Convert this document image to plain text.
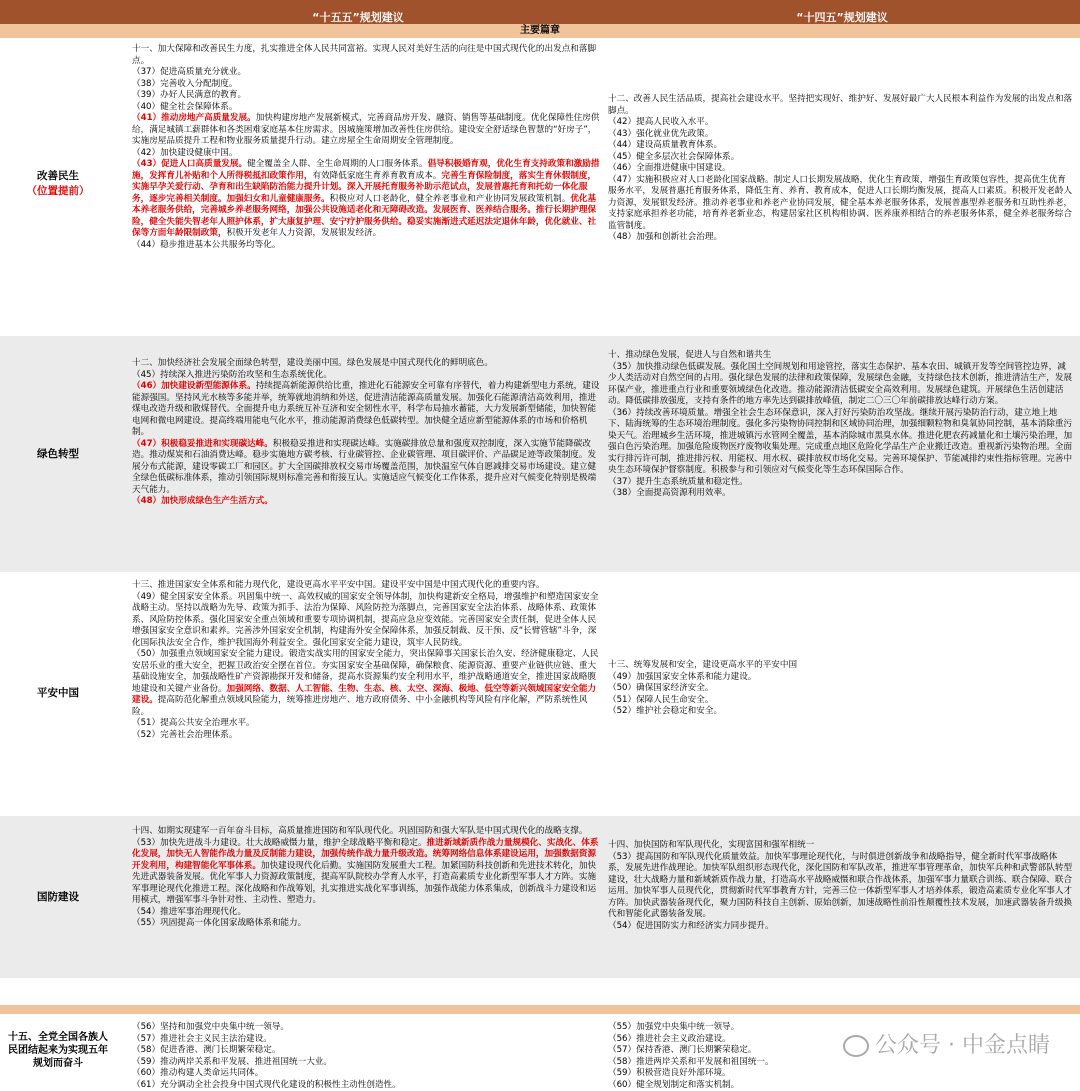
“十五五”规划建议	“十四五”规划建议
主要篇章
改善民生
（位置提前）

十一、加大保障和改善民生力度，扎实推进全体人民共同富裕。实现人民对美好生活的向往是中国式现代化的出发点和落脚点。

（37）促进高质量充分就业。

（38）完善收入分配制度。

（39）办好人民满意的教育。

（40）健全社会保障体系。

（41）推动房地产高质量发展。加快构建房地产发展新模式，完善商品房开发、融资、销售等基础制度。优化保障性住房供给，满足城镇工薪群体和各类困难家庭基本住房需求。因城施策增加改善性住房供给。建设安全舒适绿色智慧的“好房子”，实施房屋品质提升工程和物业服务质量提升行动。建立房屋全生命周期安全管理制度。

（42）加快建设健康中国。

（43）促进人口高质量发展。健全覆盖全人群、全生命周期的人口服务体系。倡导积极婚育观，优化生育支持政策和激励措施，发挥育儿补贴和个人所得税抵扣政策作用，有效降低家庭生育养育教育成本。完善生育保险制度，落实生育休假制度，实施早孕关爱行动、孕育和出生缺陷防治能力提升计划。深入开展托育服务补助示范试点，发展普惠托育和托幼一体化服务，逐步完善相关制度。加强妇女和儿童健康服务。积极应对人口老龄化，健全养老事业和产业协同发展政策机制。优化基本养老服务供给，完善城乡养老服务网络，加强公共设施适老化和无障碍改造。发展医育、医养结合服务。推行长期护理保险，健全失能失智老年人照护体系，扩大康复护理、安宁疗护服务供给。稳妥实施渐进式延迟法定退休年龄，优化就业、社保等方面年龄限制政策，积极开发老年人力资源，发展银发经济。

（44）稳步推进基本公共服务均等化。

十二、改善人民生活品质，提高社会建设水平。坚持把实现好、维护好、发展好最广大人民根本利益作为发展的出发点和落脚点。

（42）提高人民收入水平。

（43）强化就业优先政策。

（44）建设高质量教育体系。

（45）健全多层次社会保障体系。

（46）全面推进健康中国建设。

（47）实施积极应对人口老龄化国家战略。制定人口长期发展战略，优化生育政策，增强生育政策包容性，提高优生优育服务水平，发展普惠托育服务体系，降低生育、养育、教育成本，促进人口长期均衡发展，提高人口素质。积极开发老龄人力资源，发展银发经济。推动养老事业和养老产业协同发展，健全基本养老服务体系，发展普惠型养老服务和互助性养老，支持家庭承担养老功能，培育养老新业态，构建居家社区机构相协调、医养康养相结合的养老服务体系，健全养老服务综合监管制度。

（48）加强和创新社会治理。

绿色转型

十二、加快经济社会发展全面绿色转型，建设美丽中国。绿色发展是中国式现代化的鲜明底色。

（45）持续深入推进污染防治攻坚和生态系统优化。

（46）加快建设新型能源体系。持续提高新能源供给比重，推进化石能源安全可靠有序替代，着力构建新型电力系统，建设能源强国。坚持风光水核等多能并举，统筹就地消纳和外送，促进清洁能源高质量发展。加强化石能源清洁高效利用，推进煤电改造升级和散煤替代。全面提升电力系统互补互济和安全韧性水平，科学布局抽水蓄能，大力发展新型储能，加快智能电网和微电网建设。提高终端用能电气化水平，推动能源消费绿色低碳转型。加快健全适应新型能源体系的市场和价格机制。

（47）积极稳妥推进和实现碳达峰。积极稳妥推进和实现碳达峰。实施碳排放总量和强度双控制度，深入实施节能降碳改造。推动煤炭和石油消费达峰。稳步实施地方碳考核、行业碳管控、企业碳管理、项目碳评价、产品碳足迹等政策制度。发展分布式能源，建设零碳工厂和园区。扩大全国碳排放权交易市场覆盖范围，加快温室气体自愿减排交易市场建设。建立健全绿色低碳标准体系，推动引领国际规则标准完善和衔接互认。实施适应气候变化工作体系，提升应对气候变化特别是极端天气能力。

（48）加快形成绿色生产生活方式。

十、推动绿色发展，促进人与自然和谐共生

（35）加快推动绿色低碳发展。强化国土空间规划和用途管控，落实生态保护、基本农田、城镇开发等空间管控边界，减少人类活动对自然空间的占用。强化绿色发展的法律和政策保障，发展绿色金融，支持绿色技术创新，推进清洁生产，发展环保产业，推进重点行业和重要领域绿色化改造。推动能源清洁低碳安全高效利用。发展绿色建筑。开展绿色生活创建活动。降低碳排放强度，支持有条件的地方率先达到碳排放峰值，制定二〇三〇年前碳排放达峰行动方案。

（36）持续改善环境质量。增强全社会生态环保意识，深入打好污染防治攻坚战。继续开展污染防治行动，建立地上地下、陆海统筹的生态环境治理制度。强化多污染物协同控制和区域协同治理，加强细颗粒物和臭氧协同控制，基本消除重污染天气。治理城乡生活环境，推进城镇污水管网全覆盖，基本消除城市黑臭水体。推进化肥农药减量化和土壤污染治理，加强白色污染治理。加强危险废物医疗废物收集处理。完成重点地区危险化学品生产企业搬迁改造。重视新污染物治理。全面实行排污许可制，推进排污权、用能权、用水权、碳排放权市场化交易。完善环境保护、节能减排约束性指标管理。完善中央生态环境保护督察制度。积极参与和引领应对气候变化等生态环保国际合作。

（37）提升生态系统质量和稳定性。

（38）全面提高资源利用效率。

平安中国

十三、推进国家安全体系和能力现代化，建设更高水平平安中国。建设平安中国是中国式现代化的重要内容。

（49）健全国家安全体系。巩固集中统一、高效权威的国家安全领导体制，加快构建新安全格局，增强维护和塑造国家安全战略主动。坚持以战略为先导、政策为抓手、法治为保障、风险防控为落脚点，完善国家安全法治体系、战略体系、政策体系、风险防控体系。强化国家安全重点领域和重要专项协调机制，提高应急应变效能。完善国家安全责任制，促进全体人民增强国家安全意识和素养。完善涉外国家安全机制，构建海外安全保障体系，加强反制裁、反干预、反“长臂管辖”斗争，深化国际执法安全合作，维护我国海外利益安全。强化国家安全能力建设，筑牢人民防线。

（50）加强重点领域国家安全能力建设。锻造实战实用的国家安全能力，突出保障事关国家长治久安、经济健康稳定、人民安居乐业的重大安全，把握卫政治安全摆在首位。夯实国家安全基础保障，确保粮食、能源资源、重要产业链供应链、重大基础设施安全，加强战略性矿产资源勘探开发和储备，提高水资源集约安全利用水平，维护战略通道安全，推进国家战略腹地建设和关键产业备份。加强网络、数据、人工智能、生物、生态、核、太空、深海、极地、低空等新兴领域国家安全能力建设。提高防范化解重点领域风险能力，统筹推进房地产、地方政府债务、中小金融机构等风险有序化解，严防系统性风险。

（51）提高公共安全治理水平。

（52）完善社会治理体系。

十三、统筹发展和安全，建设更高水平的平安中国

（49）加强国家安全体系和能力建设。

（50）确保国家经济安全。

（51）保障人民生命安全。

（52）维护社会稳定和安全。

国防建设

十四、如期实现建军一百年奋斗目标，高质量推进国防和军队现代化。巩固国防和强大军队是中国式现代化的战略支撑。

（53）加快先进战斗力建设。壮大战略威慑力量，维护全球战略平衡和稳定。推进新域新质作战力量规模化、实战化、体系化发展，加快无人智能作战力量及反制能力建设，加强传统作战力量升级改造。统筹网络信息体系建设运用，加强数据资源开发利用，构建智能化军事体系。加快建设现代化后勤。实施国防发展重大工程。加紧国防科技创新和先进技术转化，加快先进武器装备发展。优化军事人力资源政策制度，提高军队院校办学育人水平，打造高素质专业化新型军事人才方阵。实施军事理论现代化推进工程。深化战略和作战筹划，扎实推进实战化军事训练，加强作战能力体系集成，创新战斗力建设和运用模式，增强军事斗争针对性、主动性、塑造力。

（54）推进军事治理现代化。

（55）巩固提高一体化国家战略体系和能力。

十四、加快国防和军队现代化，实现富国和强军相统一

（53）提高国防和军队现代化质量效益。加快军事理论现代化，与时俱进创新战争和战略指导，健全新时代军事战略体系，发展先进作战理论。加快军队组织形态现代化，深化国防和军队改革，推进军事管理革命，加快军兵种和武警部队转型建设，壮大战略力量和新域新质作战力量，打造高水平战略威慑和联合作战体系，加强军事力量联合训练、联合保障、联合运用。加快军事人员现代化，贯彻新时代军事教育方针，完善三位一体新型军事人才培养体系，锻造高素质专业化军事人才方阵。加快武器装备现代化，聚力国防科技自主创新、原始创新，加速战略性前沿性颠覆性技术发展，加速武器装备升级换代和智能化武器装备发展。

（54）促进国防实力和经济实力同步提升。

十五、全党全国各族人民团结起来为实现五年规划而奋斗

（56）坚持和加强党中央集中统一领导。

（57）推进社会主义民主法治建设。

（58）促进香港、澳门长期繁荣稳定。

（59）推动两岸关系和平发展、推进祖国统一大业。

（60）推动构建人类命运共同体。

（61）充分调动全社会投身中国式现代化建设的积极性主动性创造性。

（55）加强党中央集中统一领导。

（56）推进社会主义政治建设。

（57）保持香港、澳门长期繁荣稳定。

（58）推进两岸关系和平发展和祖国统一。

（59）积极营造良好外部环境。

（60）健全规划制定和落实机制。

公众号 · 中金点睛
